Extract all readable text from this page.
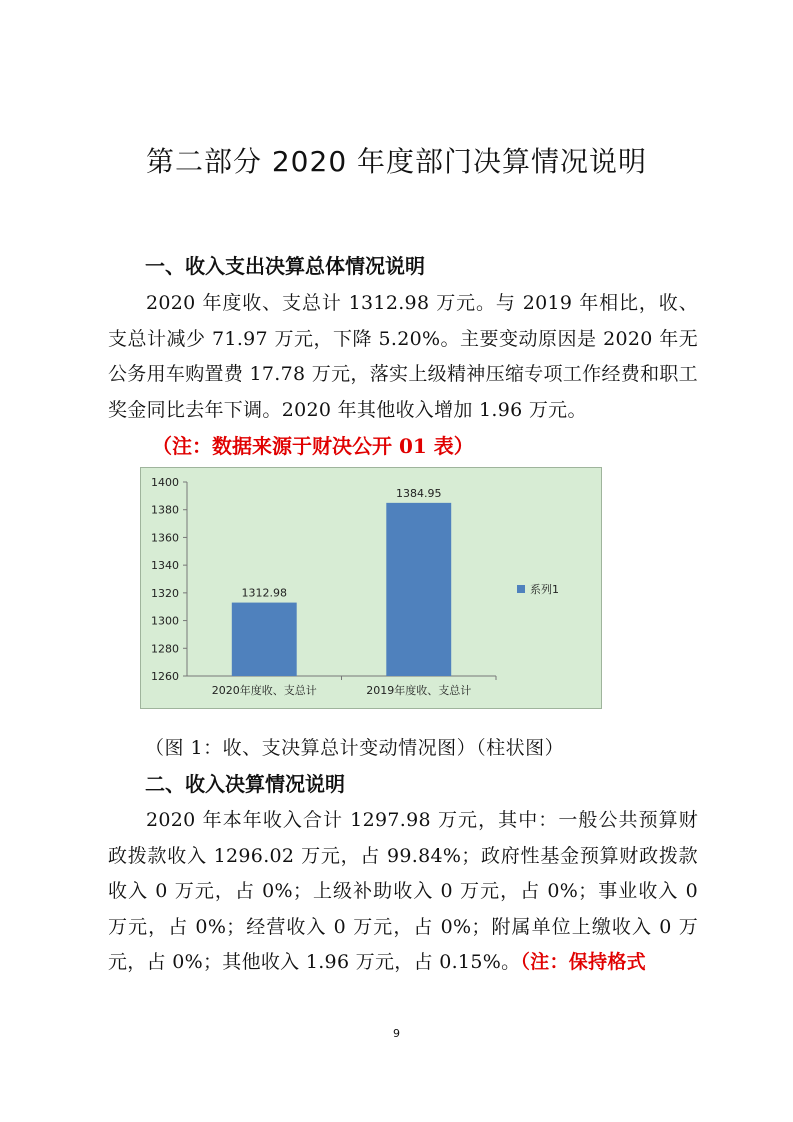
第二部分 2020 年度部门决算情况说明
一、收入支出决算总体情况说明

2020 年度收、支总计 1312.98 万元。与 2019 年相比，收、支总计减少 71.97 万元，下降 5.20%。主要变动原因是 2020 年无公务用车购置费 17.78 万元，落实上级精神压缩专项工作经费和职工奖金同比去年下调。2020 年其他收入增加 1.96 万元。

（注：数据来源于财决公开 01 表）
1260
1280
1300
1320
1340
1360
1380
1400
1312.98
2020年度收、支总计
1384.95
2019年度收、支总计
系列1
（图 1：收、支决算总计变动情况图）（柱状图）
二、收入决算情况说明

2020 年本年收入合计 1297.98 万元，其中：一般公共预算财政拨款收入 1296.02 万元，占 99.84%；政府性基金预算财政拨款收入 0 万元，占 0%；上级补助收入 0 万元，占 0%；事业收入 0 万元，占 0%；经营收入 0 万元，占 0%；附属单位上缴收入 0 万元，占 0%；其他收入 1.96 万元，占 0.15%。（注：保持格式

9
